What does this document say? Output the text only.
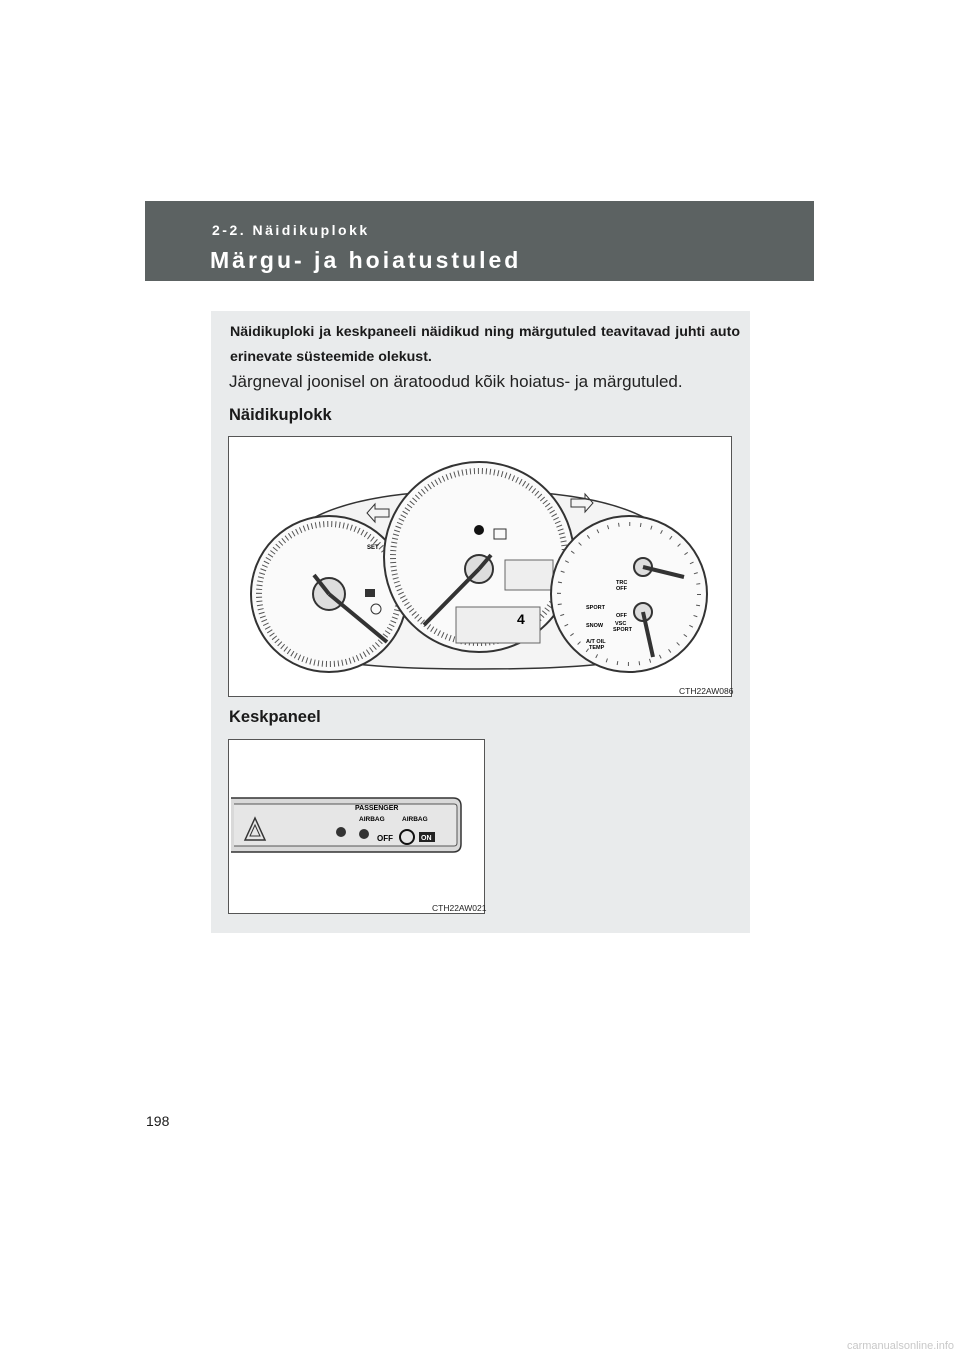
2-2. Näidikuplokk
Märgu- ja hoiatustuled
Näidikuploki ja keskpaneeli näidikud ning märgutuled teavitavad juhti auto erinevate süsteemide olekust.
Järgneval joonisel on äratoodud kõik hoiatus- ja märgutuled.
Näidikuplokk
SET
4
TRC
OFF
OFF
SPORT
SNOW VSC
SPORT
A/T OIL
TEMP
CTH22AW086
Keskpaneel
PASSENGER
AIRBAG	AIRBAG
OFF	ON
CTH22AW021
198
carmanualsonline.info
